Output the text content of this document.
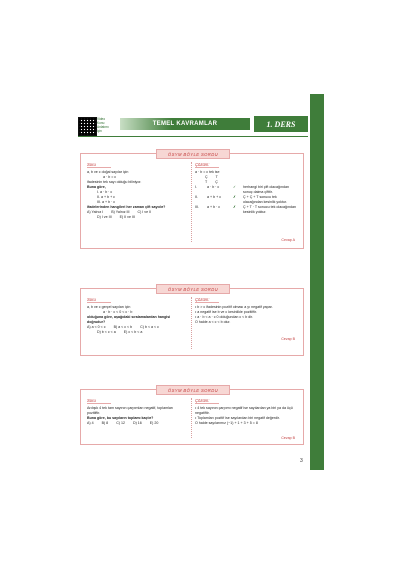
3
Video
Konu
Anlatımı
için
TEMEL KAVRAMLAR	1. DERS
ÖSYM BÖYLE SORDU
Soru
a, b ve c doğal sayılar için
a · b = c
ifadesinin tek sayı olduğu biliniyor.
Buna göre,
I. a · b · c
II. a + b + c
III. a + b · c
ifadelerinden hangileri her zaman çift sayıdır?
A) Yalnız I B) Yalnız III C) I ve II
D) I ve III E) II ve III
Çözüm:
a · b = c tek ise
Ç T
T Ç
I.	a · b · c	✓	herhangi biri çift olacağından sonuç daima çifttir.
II.	a + b + c	✗	Ç + Ç + T sonucu tek olacağından kesinlik yoktur.
III.	a + b · c	✗	Ç + T · T sonucu tek olacağından kesinlik yoktur.
Cevap A
ÖSYM BÖYLE SORDU
Soru
a, b ve c gerçel sayıları için
a · b · c < 0 < c · b
olduğuna göre, aşağıdaki sıralamalardan hangisi doğrudur?
A) a < 0 < c B) a < c < b C) b < a < c
D) b < c < a E) c < b < a
Çözüm:
• b > c ifadesinin pozitif olması a yı negatif yapar.
• a negatif ise b ve c kesinlikle pozitiftir.
• a · b < a · c 0 olduğundan c < b dir.
O halde a < c < b olur.
Cevap B
ÖSYM BÖYLE SORDU
Soru
Ardışık 4 tek tam sayının çarpımları negatif, toplamları pozitiftir.
Buna göre, bu sayıların toplamı kaçtır?
A) 4 B) 8 C) 12 D) 16 E) 20
Çözüm:
• 4 tek sayının çarpımı negatif ise sayılardan ya biri ya da üçü negatiftir.
• Toplamları pozitif ise sayılardan biri negatif değerdir.
O halde sayılarımız (−1) + 1 + 3 + 5 = 8
Cevap B
